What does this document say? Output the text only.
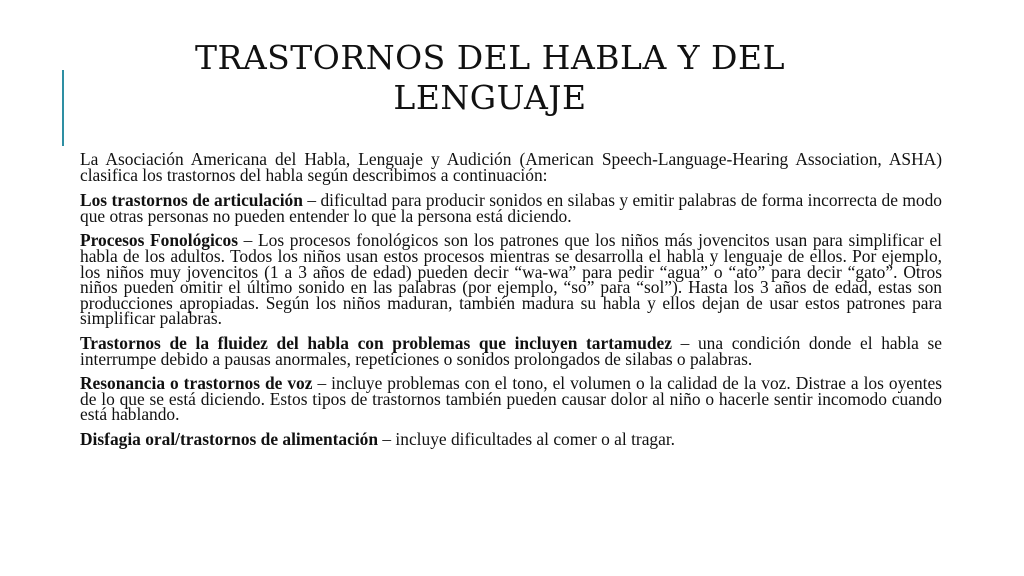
TRASTORNOS DEL HABLA Y DEL LENGUAJE

La Asociación Americana del Habla, Lenguaje y Audición (American Speech-Language-Hearing Association, ASHA) clasifica los trastornos del habla según describimos a continuación:

Los trastornos de articulación – dificultad para producir sonidos en silabas y emitir palabras de forma incorrecta de modo que otras personas no pueden entender lo que la persona está diciendo.

Procesos Fonológicos – Los procesos fonológicos son los patrones que los niños más jovencitos usan para simplificar el habla de los adultos. Todos los niños usan estos procesos mientras se desarrolla el habla y lenguaje de ellos. Por ejemplo, los niños muy jovencitos (1 a 3 años de edad) pueden decir “wa-wa” para pedir “agua” o “ato” para decir “gato”. Otros niños pueden omitir el último sonido en las palabras (por ejemplo, “so” para “sol”). Hasta los 3 años de edad, estas son producciones apropiadas. Según los niños maduran, también madura su habla y ellos dejan de usar estos patrones para simplificar palabras.

Trastornos de la fluidez del habla con problemas que incluyen tartamudez – una condición donde el habla se interrumpe debido a pausas anormales, repeticiones o sonidos prolongados de silabas o palabras.

Resonancia o trastornos de voz – incluye problemas con el tono, el volumen o la calidad de la voz. Distrae a los oyentes de lo que se está diciendo. Estos tipos de trastornos también pueden causar dolor al niño o hacerle sentir incomodo cuando está hablando.

Disfagia oral/trastornos de alimentación – incluye dificultades al comer o al tragar.
